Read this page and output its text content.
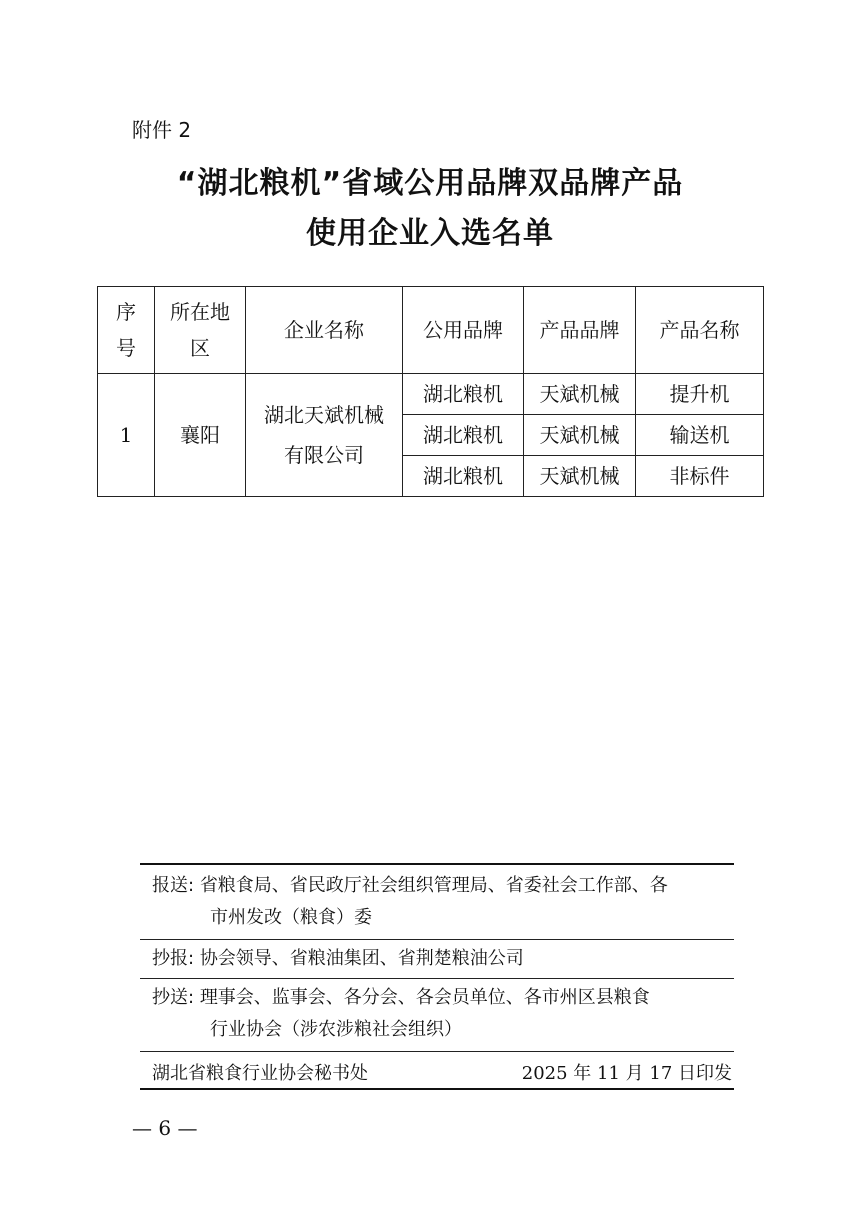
附件 2
“湖北粮机”省域公用品牌双品牌产品
使用企业入选名单
序号	所在地区	企业名称	公用品牌	产品品牌	产品名称
1	襄阳	湖北天斌机械有限公司	湖北粮机	天斌机械	提升机
			湖北粮机	天斌机械	输送机
			湖北粮机	天斌机械	非标件
报送: 省粮食局、省民政厅社会组织管理局、省委社会工作部、各
市州发改（粮食）委
抄报: 协会领导、省粮油集团、省荆楚粮油公司
抄送: 理事会、监事会、各分会、各会员单位、各市州区县粮食
行业协会（涉农涉粮社会组织）
湖北省粮食行业协会秘书处	2025 年 11 月 17 日印发
— 6 —
